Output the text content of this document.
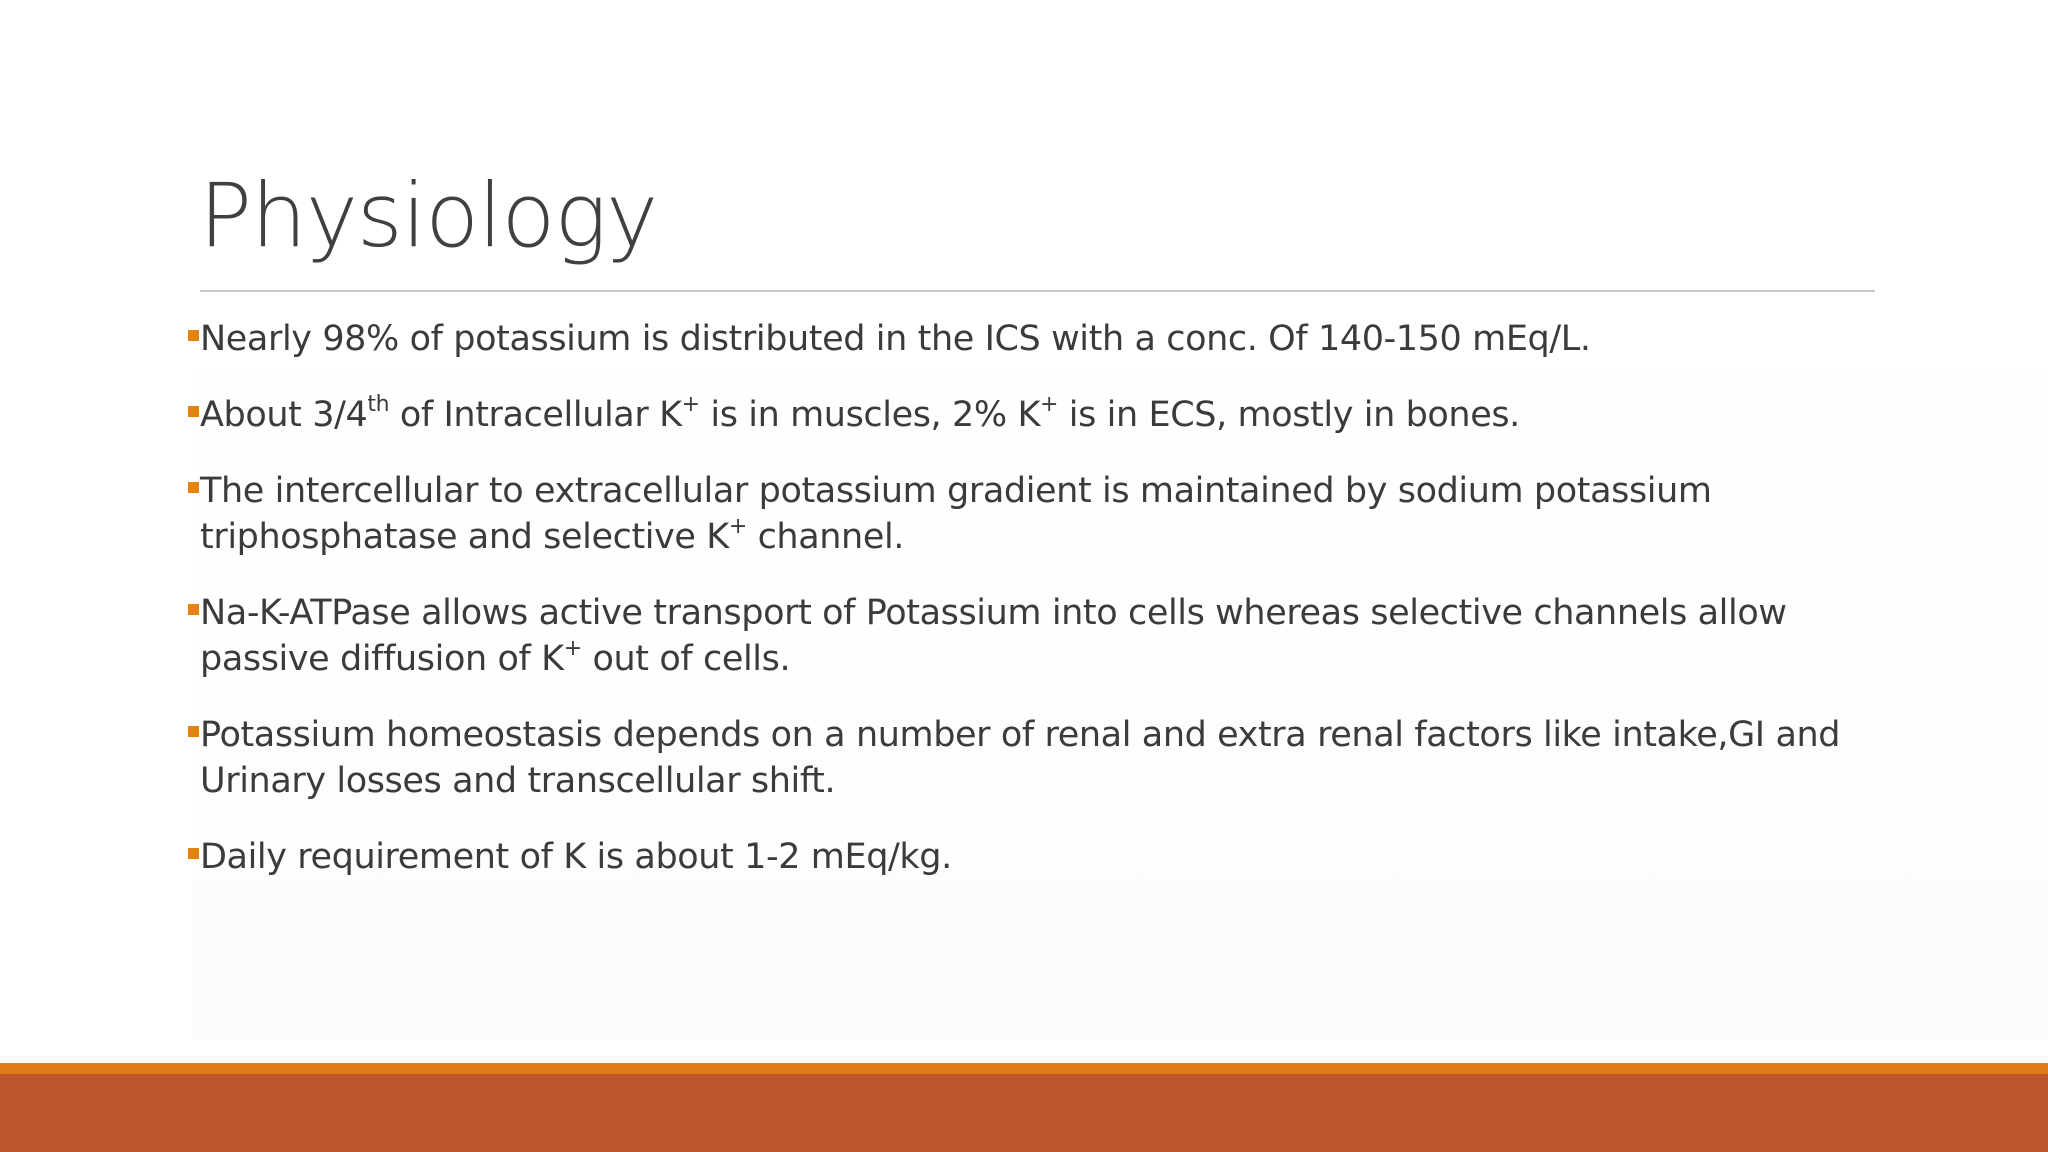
Physiology
Nearly 98% of potassium is distributed in the ICS with a conc. Of 140-150 mEq/L.
About 3/4th of Intracellular K+ is in muscles, 2% K+ is in ECS, mostly in bones.
The intercellular to extracellular potassium gradient is maintained by sodium potassium triphosphatase and selective K+ channel.
Na-K-ATPase allows active transport of Potassium into cells whereas selective channels allow passive diffusion of K+ out of cells.
Potassium homeostasis depends on a number of renal and extra renal factors like intake,GI and Urinary losses and transcellular shift.
Daily requirement of K is about 1-2 mEq/kg.
